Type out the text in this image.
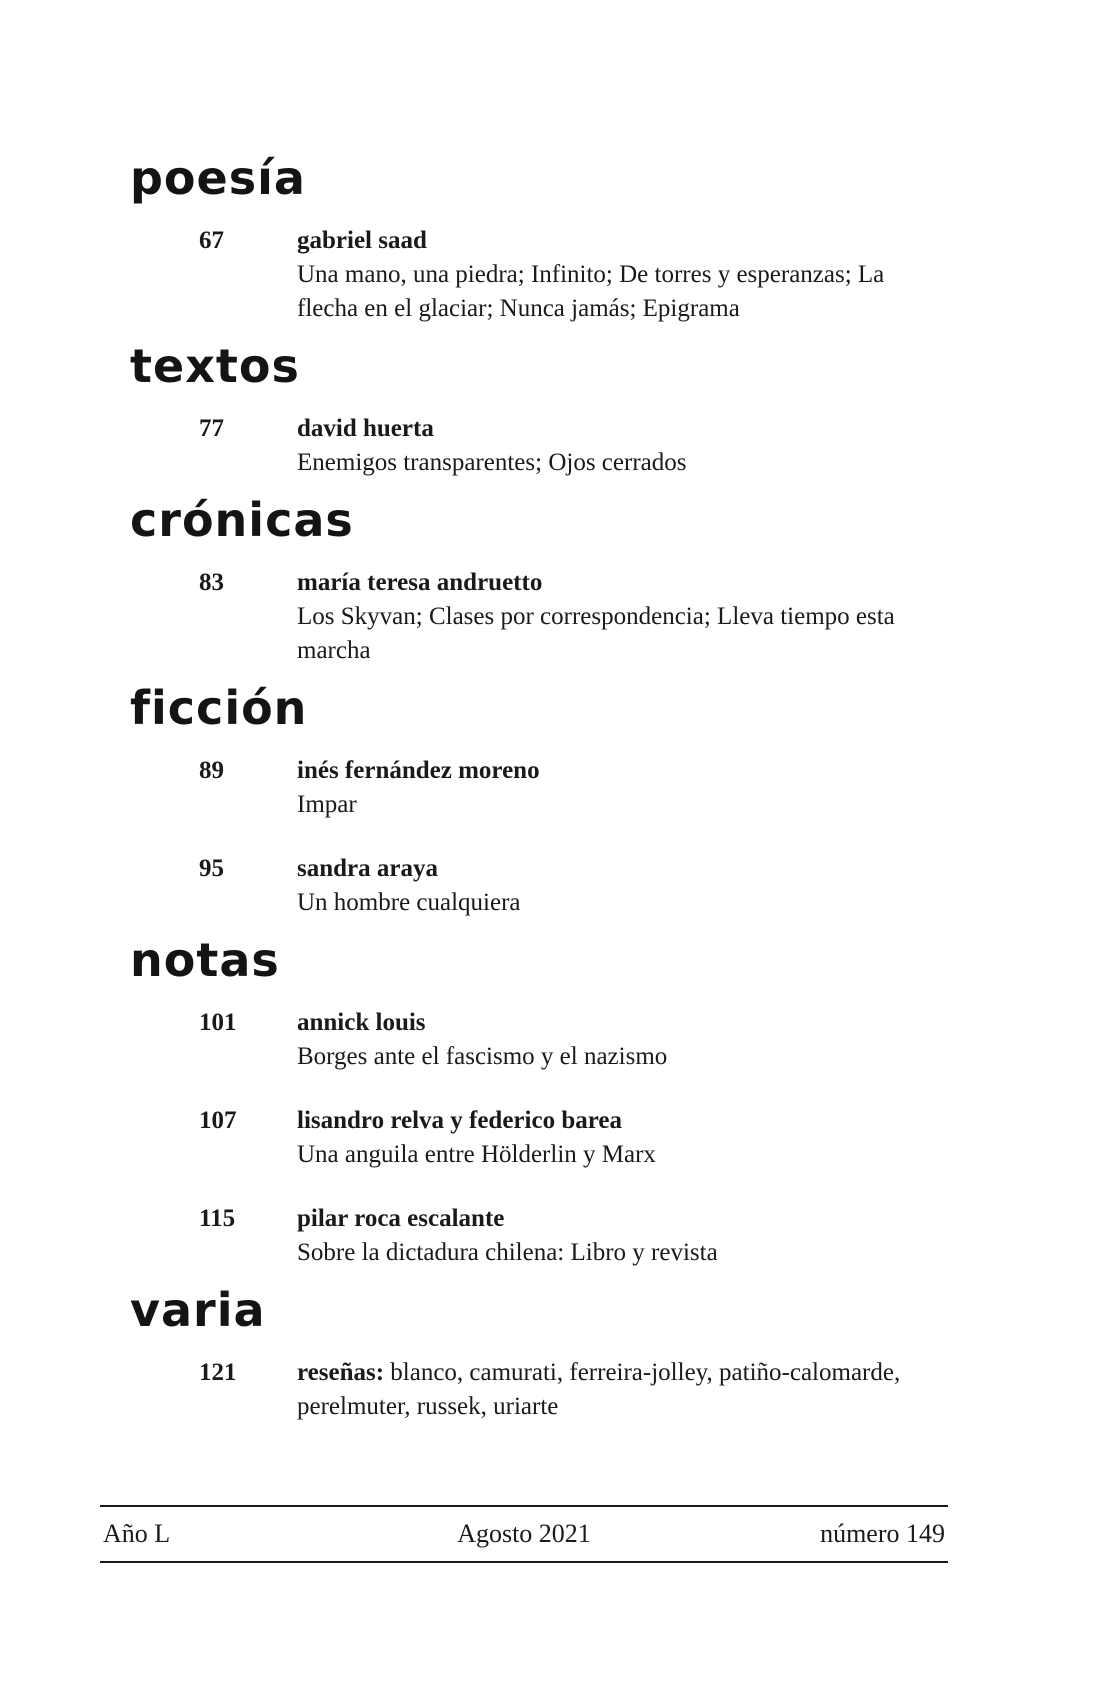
poesía
67	gabriel saad
Una mano, una piedra; Infinito; De torres y esperanzas; La flecha en el glaciar; Nunca jamás; Epigrama
textos
77	david huerta
Enemigos transparentes; Ojos cerrados
crónicas
83	maría teresa andruetto
Los Skyvan; Clases por correspondencia; Lleva tiempo esta marcha
ficción
89	inés fernández moreno
Impar
95	sandra araya
Un hombre cualquiera
notas
101 annick louis
Borges ante el fascismo y el nazismo
107 lisandro relva y federico barea
Una anguila entre Hölderlin y Marx
115 pilar roca escalante
Sobre la dictadura chilena: Libro y revista
varia
121 reseñas: blanco, camurati, ferreira-jolley, patiño-calomarde, perelmuter, russek, uriarte
Año L	Agosto 2021	número 149
